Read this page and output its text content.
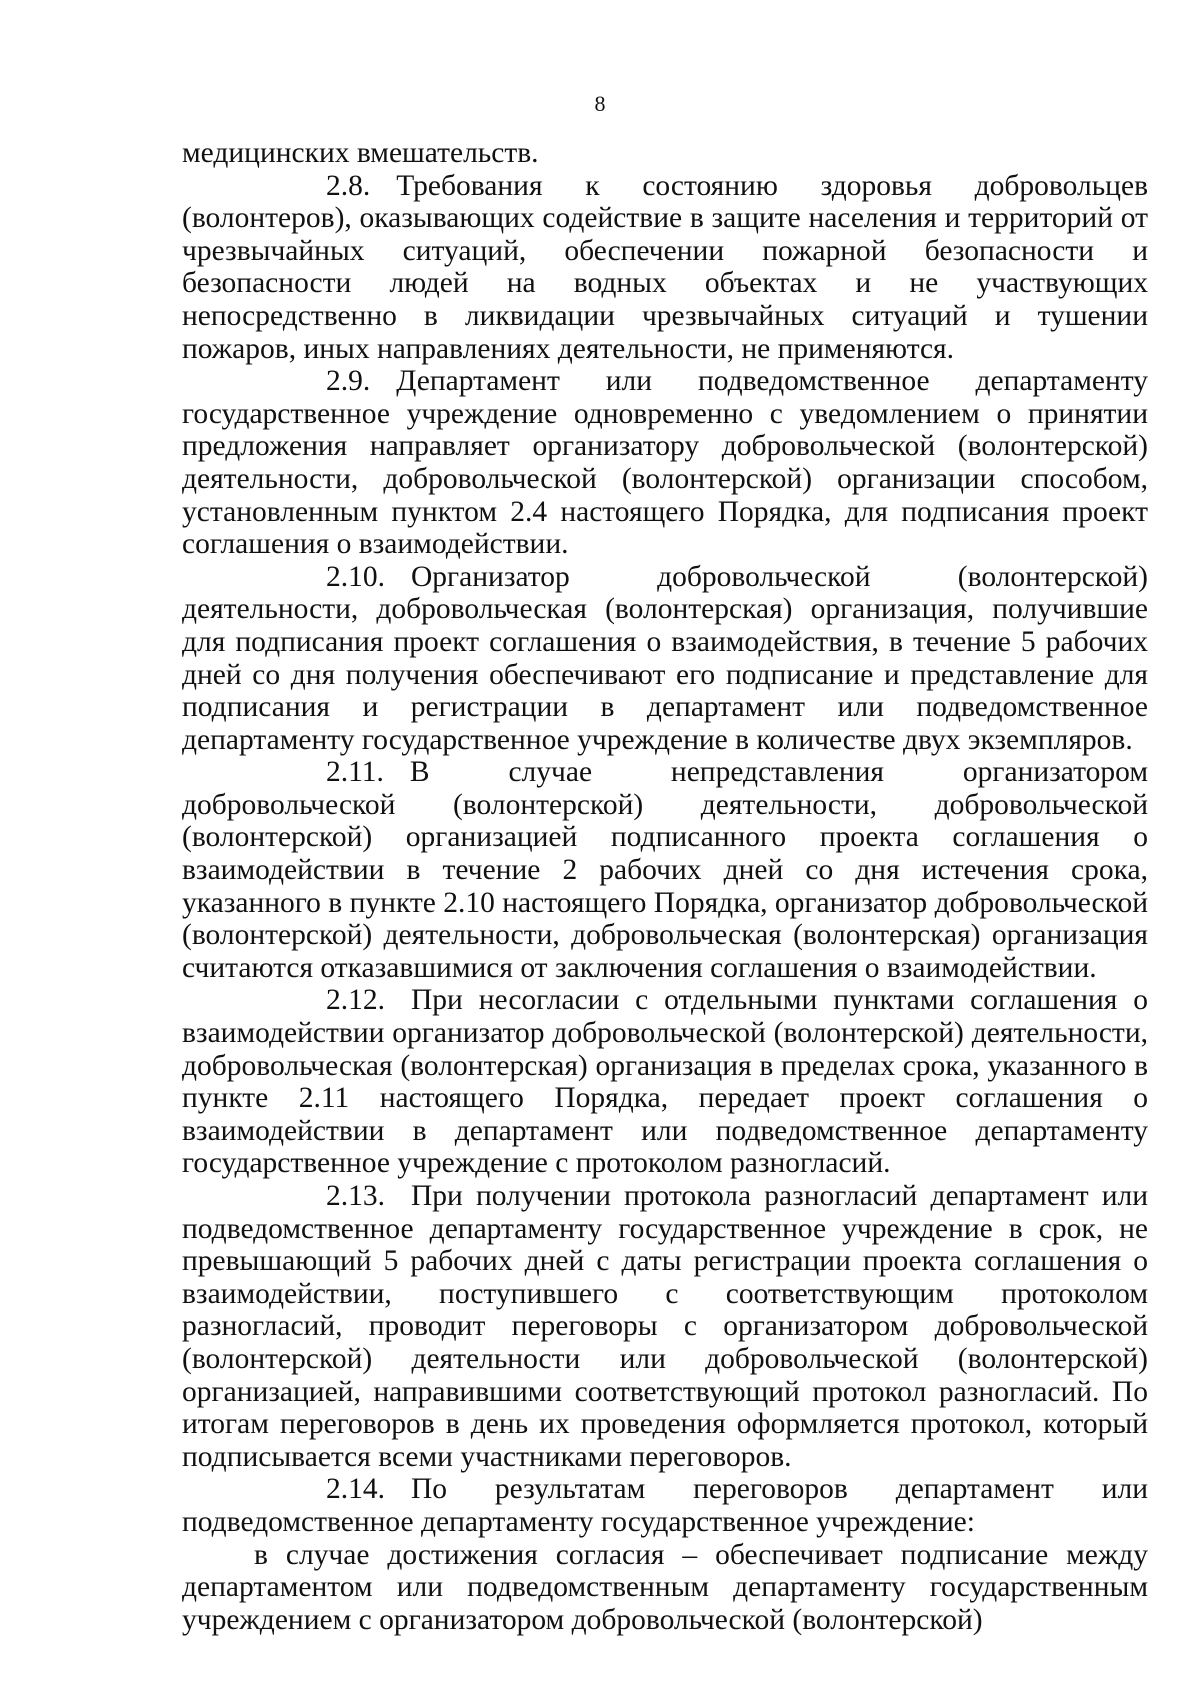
8

медицинских вмешательств.

2.8. Требования к состоянию здоровья добровольцев (волонтеров), оказывающих содействие в защите населения и территорий от чрезвычайных ситуаций, обеспечении пожарной безопасности и безопасности людей на водных объектах и не участвующих непосредственно в ликвидации чрезвычайных ситуаций и тушении пожаров, иных направлениях деятельности, не применяются.

2.9. Департамент или подведомственное департаменту государственное учреждение одновременно с уведомлением о принятии предложения направляет организатору добровольческой (волонтерской) деятельности, добровольческой (волонтерской) организации способом, установленным пунктом 2.4 настоящего Порядка, для подписания проект соглашения о взаимодействии.

2.10. Организатор добровольческой (волонтерской) деятельности, добровольческая (волонтерская) организация, получившие для подписания проект соглашения о взаимодействия, в течение 5 рабочих дней со дня получения обеспечивают его подписание и представление для подписания и регистрации в департамент или подведомственное департаменту государственное учреждение в количестве двух экземпляров.

2.11. В случае непредставления организатором добровольческой (волонтерской) деятельности, добровольческой (волонтерской) организацией подписанного проекта соглашения о взаимодействии в течение 2 рабочих дней со дня истечения срока, указанного в пункте 2.10 настоящего Порядка, организатор добровольческой (волонтерской) деятельности, добровольческая (волонтерская) организация считаются отказавшимися от заключения соглашения о взаимодействии.

2.12. При несогласии с отдельными пунктами соглашения о взаимодействии организатор добровольческой (волонтерской) деятельности, добровольческая (волонтерская) организация в пределах срока, указанного в пункте 2.11 настоящего Порядка, передает проект соглашения о взаимодействии в департамент или подведомственное департаменту государственное учреждение с протоколом разногласий.

2.13. При получении протокола разногласий департамент или подведомственное департаменту государственное учреждение в срок, не превышающий 5 рабочих дней с даты регистрации проекта соглашения о взаимодействии, поступившего с соответствующим протоколом разногласий, проводит переговоры с организатором добровольческой (волонтерской) деятельности или добровольческой (волонтерской) организацией, направившими соответствующий протокол разногласий. По итогам переговоров в день их проведения оформляется протокол, который подписывается всеми участниками переговоров.

2.14. По результатам переговоров департамент или подведомственное департаменту государственное учреждение:

в случае достижения согласия – обеспечивает подписание между департаментом или подведомственным департаменту государственным учреждением с организатором добровольческой (волонтерской)
